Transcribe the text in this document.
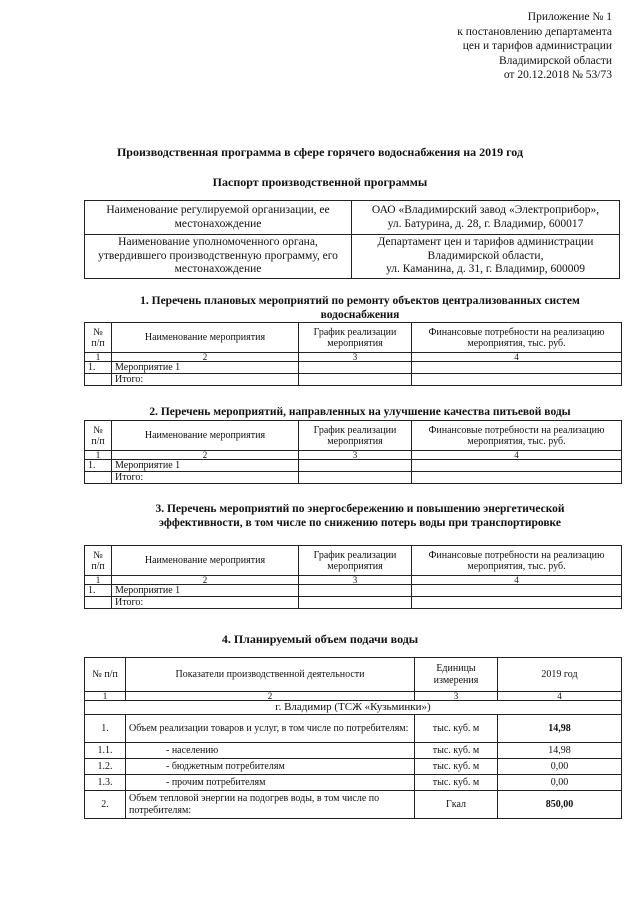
Приложение № 1
к постановлению департамента
цен и тарифов администрации
Владимирской области
от 20.12.2018 № 53/73
Производственная программа в сфере горячего водоснабжения на 2019 год
Паспорт производственной программы
Наименование регулируемой организации, ее местонахождение	ОАО «Владимирский завод «Электроприбор»,
ул. Батурина, д. 28, г. Владимир, 600017

Наименование уполномоченного органа, утвердившего производственную программу, его местонахождение	Департамент цен и тарифов администрации
Владимирской области,
ул. Каманина, д. 31, г. Владимир, 600009
1. Перечень плановых мероприятий по ремонту объектов централизованных систем водоснабжения
№ п/п	Наименование мероприятия	График реализации мероприятия	Финансовые потребности на реализацию мероприятия, тыс. руб.
1	2	3	4
1.	Мероприятие 1		
	Итого:		
2. Перечень мероприятий, направленных на улучшение качества питьевой воды
№ п/п	Наименование мероприятия	График реализации мероприятия	Финансовые потребности на реализацию мероприятия, тыс. руб.
1	2	3	4
1.	Мероприятие 1		
	Итого:		
3. Перечень мероприятий по энергосбережению и повышению энергетической
эффективности, в том числе по снижению потерь воды при транспортировке
№ п/п	Наименование мероприятия	График реализации мероприятия	Финансовые потребности на реализацию мероприятия, тыс. руб.
1	2	3	4
1.	Мероприятие 1		
	Итого:		
4. Планируемый объем подачи воды
№ п/п	Показатели производственной деятельности	Единицы измерения	2019 год
1	2	3	4
г. Владимир (ТСЖ «Кузьминки»)			
1.	Объем реализации товаров и услуг, в том числе по потребителям:	тыс. куб. м	14,98
1.1.	- населению	тыс. куб. м	14,98
1.2.	- бюджетным потребителям	тыс. куб. м	0,00
1.3.	- прочим потребителям	тыс. куб. м	0,00
2.	Объем тепловой энергии на подогрев воды, в том числе по потребителям:	Гкал	850,00
